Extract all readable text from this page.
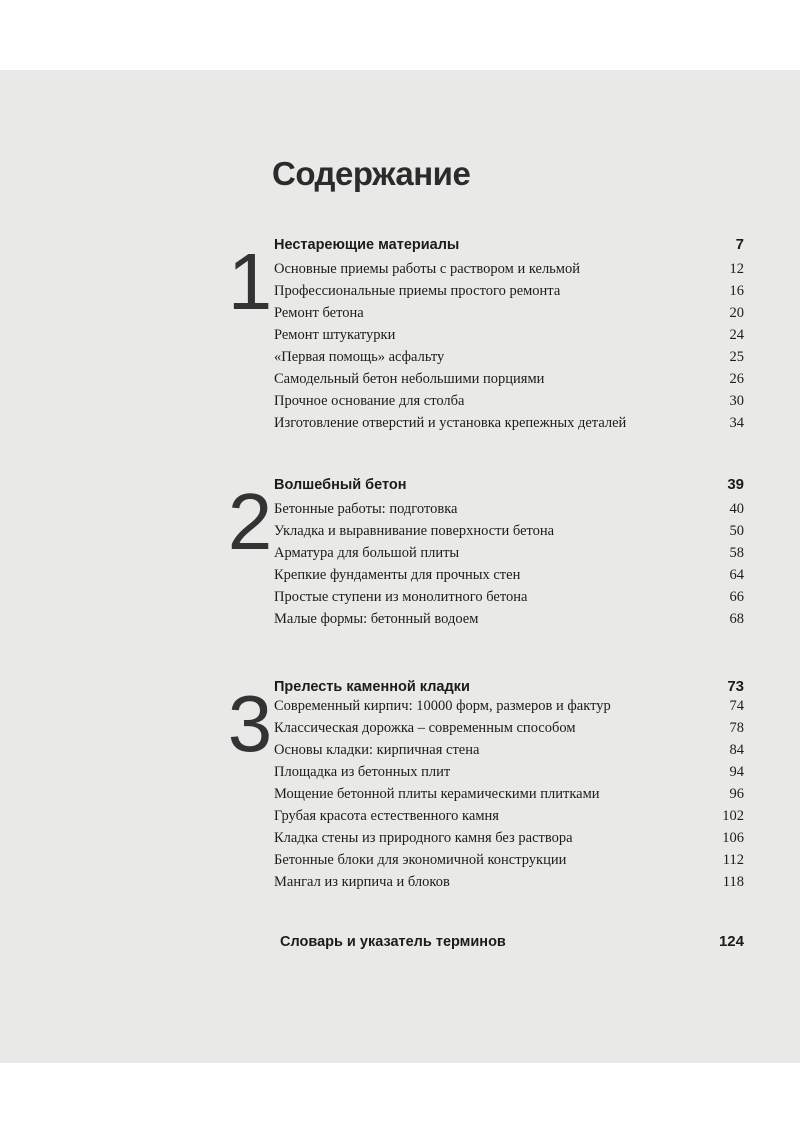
Содержание
1 Нестареющие материалы	7
Основные приемы работы с раствором и кельмой	12
Профессиональные приемы простого ремонта	16
Ремонт бетона	20
Ремонт штукатурки	24
«Первая помощь» асфальту	25
Самодельный бетон небольшими порциями	26
Прочное основание для столба	30
Изготовление отверстий и установка крепежных деталей	34
2 Волшебный бетон	39
Бетонные работы: подготовка	40
Укладка и выравнивание поверхности бетона	50
Арматура для большой плиты	58
Крепкие фундаменты для прочных стен	64
Простые ступени из монолитного бетона	66
Малые формы: бетонный водоем	68
3 Прелесть каменной кладки	73
Современный кирпич: 10000 форм, размеров и фактур	74
Классическая дорожка – современным способом	78
Основы кладки: кирпичная стена	84
Площадка из бетонных плит	94
Мощение бетонной плиты керамическими плитками	96
Грубая красота естественного камня	102
Кладка стены из природного камня без раствора	106
Бетонные блоки для экономичной конструкции	112
Мангал из кирпича и блоков	118
Словарь и указатель терминов	124
